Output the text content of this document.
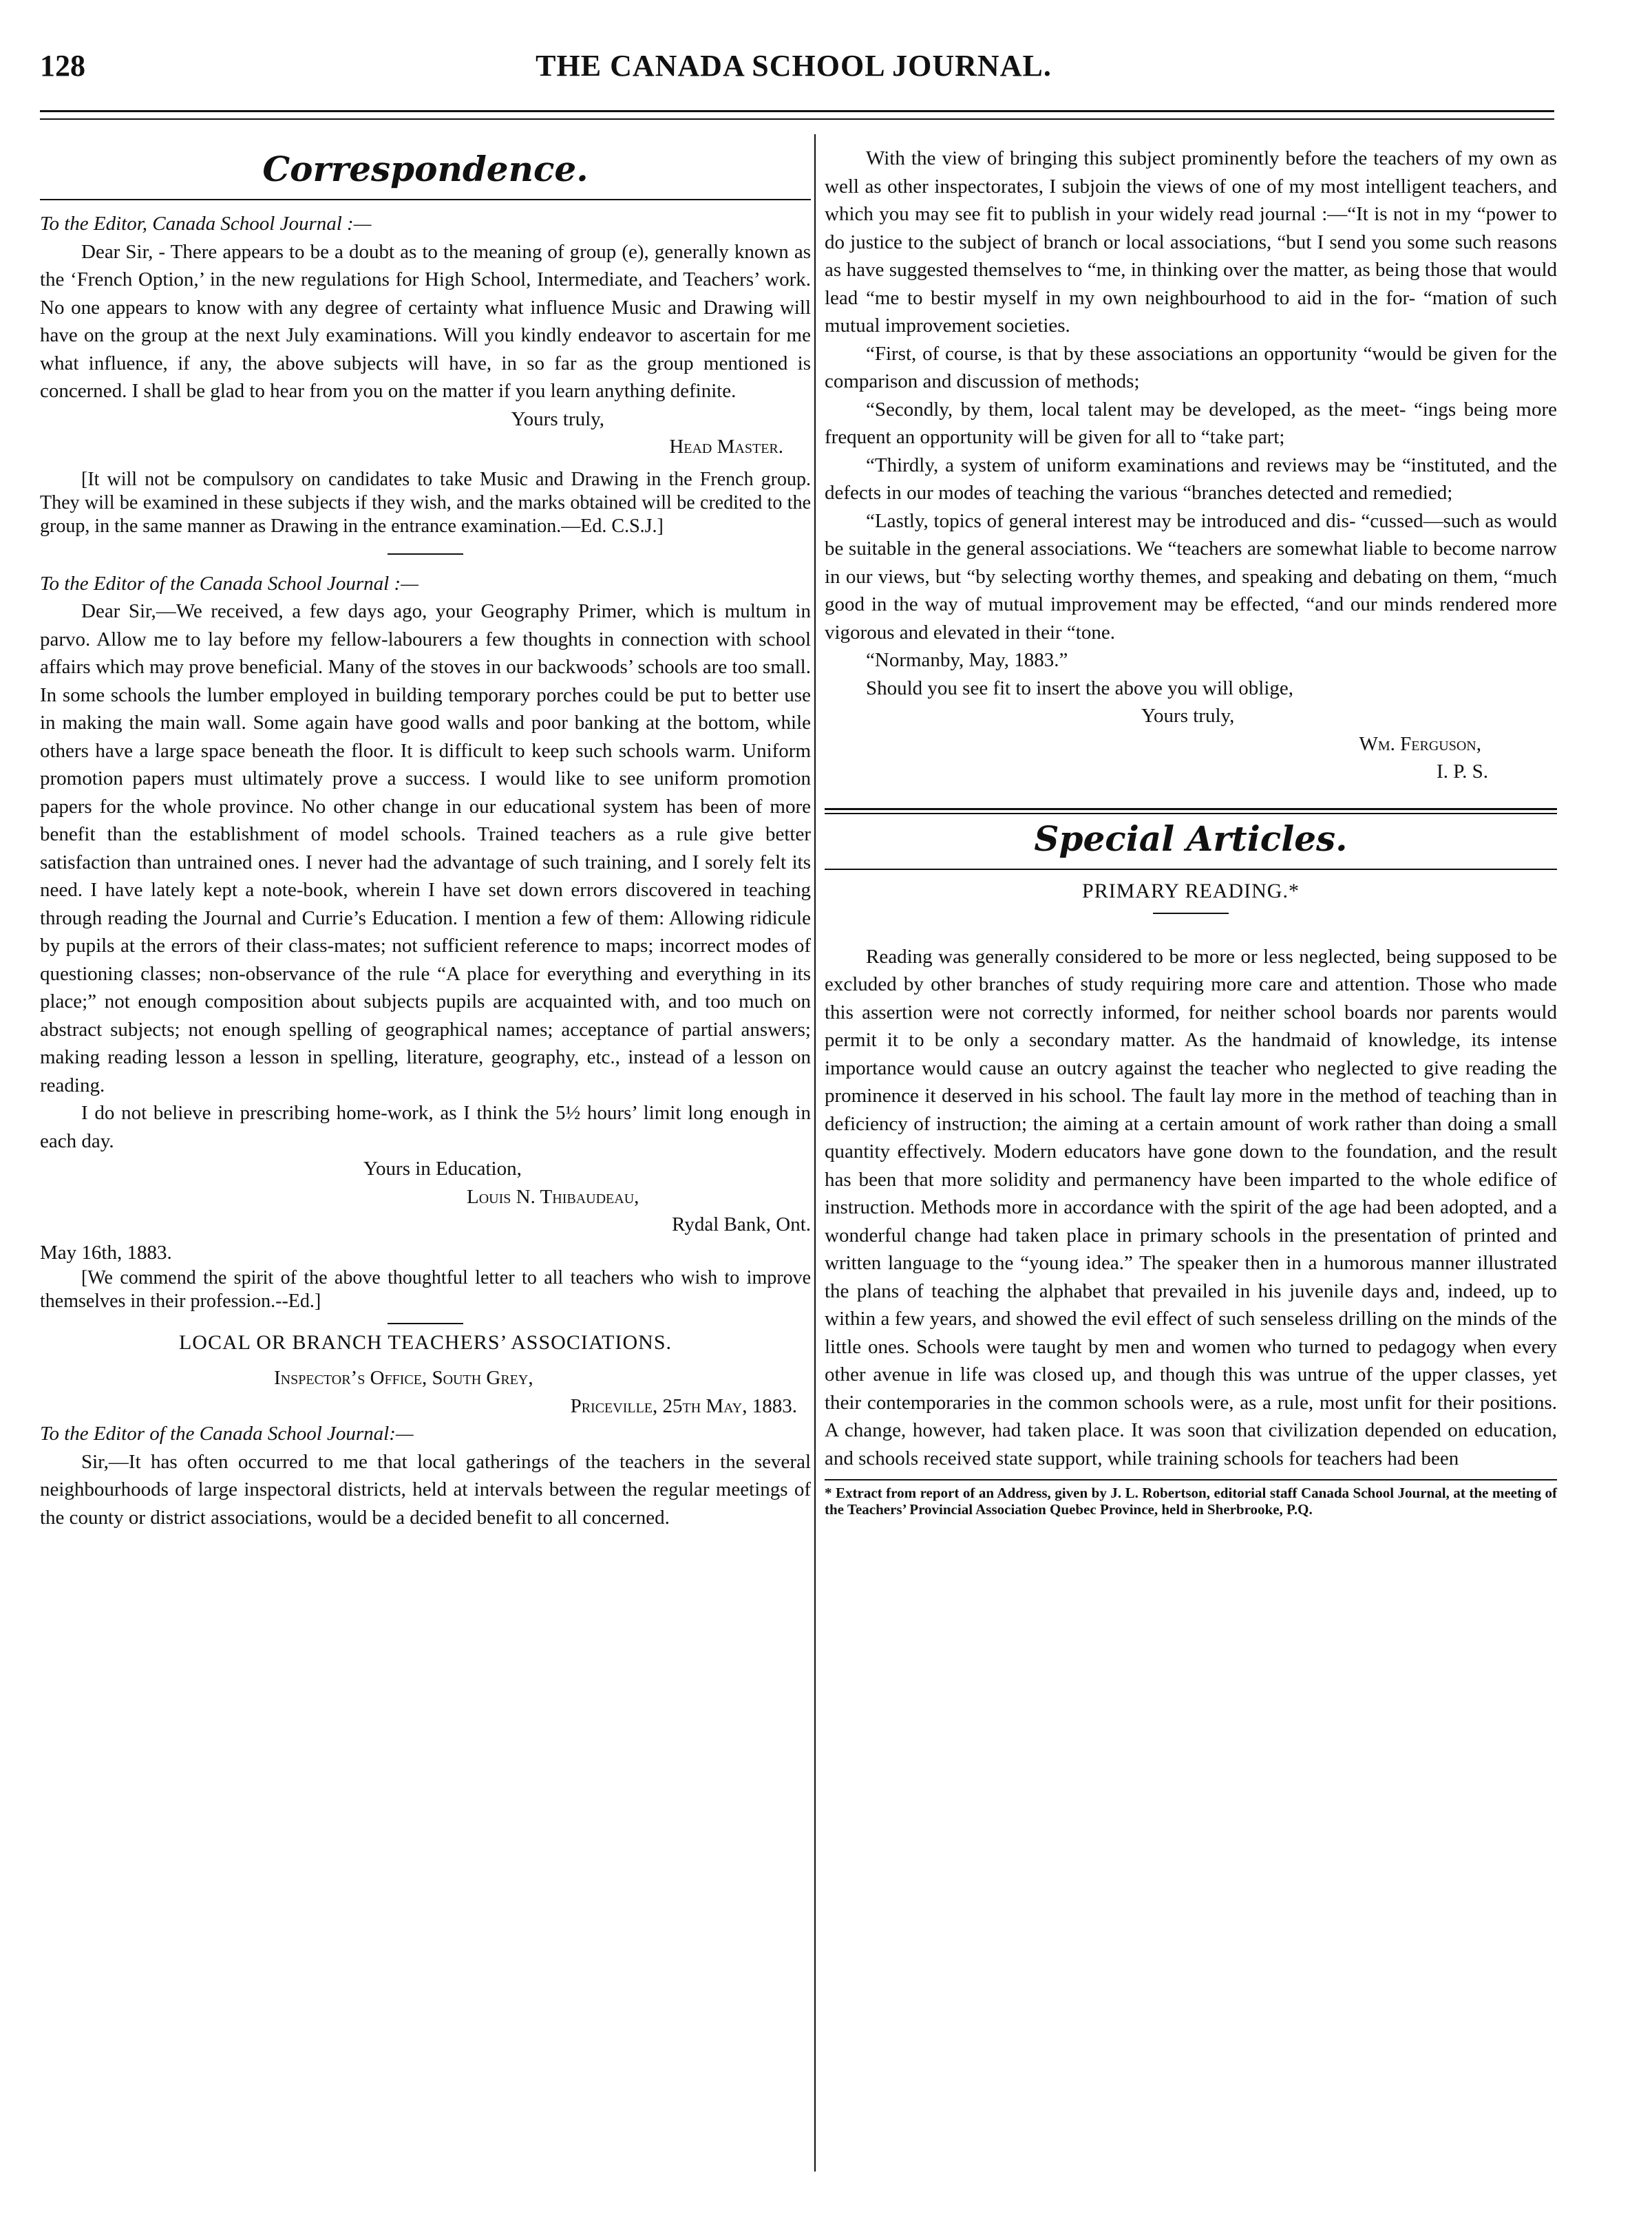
128	THE CANADA SCHOOL JOURNAL.
Correspondence.

To the Editor, Canada School Journal :—

Dear Sir, - There appears to be a doubt as to the meaning of group (e), generally known as the ‘French Option,’ in the new regulations for High School, Intermediate, and Teachers’ work. No one appears to know with any degree of certainty what influence Music and Drawing will have on the group at the next July examinations. Will you kindly endeavor to ascertain for me what influence, if any, the above subjects will have, in so far as the group mentioned is concerned. I shall be glad to hear from you on the matter if you learn anything definite.

Yours truly,

Head Master.

[It will not be compulsory on candidates to take Music and Drawing in the French group. They will be examined in these subjects if they wish, and the marks obtained will be credited to the group, in the same manner as Drawing in the entrance examination.—Ed. C.S.J.]

To the Editor of the Canada School Journal :—

Dear Sir,—We received, a few days ago, your Geography Primer, which is multum in parvo. Allow me to lay before my fellow-labourers a few thoughts in connection with school affairs which may prove beneficial. Many of the stoves in our backwoods’ schools are too small. In some schools the lumber employed in building temporary porches could be put to better use in making the main wall. Some again have good walls and poor banking at the bottom, while others have a large space beneath the floor. It is difficult to keep such schools warm. Uniform promotion papers must ultimately prove a success. I would like to see uniform promotion papers for the whole province. No other change in our educational system has been of more benefit than the establishment of model schools. Trained teachers as a rule give better satisfaction than untrained ones. I never had the advantage of such training, and I sorely felt its need. I have lately kept a note-book, wherein I have set down errors discovered in teaching through reading the Journal and Currie’s Education. I mention a few of them: Allowing ridicule by pupils at the errors of their class-mates; not sufficient reference to maps; incorrect modes of questioning classes; non-observance of the rule “A place for everything and everything in its place;” not enough composition about subjects pupils are acquainted with, and too much on abstract subjects; not enough spelling of geographical names; acceptance of partial answers; making reading lesson a lesson in spelling, literature, geography, etc., instead of a lesson on reading.

I do not believe in prescribing home-work, as I think the 5½ hours’ limit long enough in each day.

Yours in Education,

Louis N. Thibaudeau,

Rydal Bank, Ont.

May 16th, 1883.

[We commend the spirit of the above thoughtful letter to all teachers who wish to improve themselves in their profession.--Ed.]

LOCAL OR BRANCH TEACHERS’ ASSOCIATIONS.

Inspector’s Office, South Grey,

Priceville, 25th May, 1883.

To the Editor of the Canada School Journal:—

Sir,—It has often occurred to me that local gatherings of the teachers in the several neighbourhoods of large inspectoral districts, held at intervals between the regular meetings of the county or district associations, would be a decided benefit to all concerned.

With the view of bringing this subject prominently before the teachers of my own as well as other inspectorates, I subjoin the views of one of my most intelligent teachers, and which you may see fit to publish in your widely read journal :—“It is not in my “power to do justice to the subject of branch or local associations, “but I send you some such reasons as have suggested themselves to “me, in thinking over the matter, as being those that would lead “me to bestir myself in my own neighbourhood to aid in the for- “mation of such mutual improvement societies.

“First, of course, is that by these associations an opportunity “would be given for the comparison and discussion of methods;

“Secondly, by them, local talent may be developed, as the meet- “ings being more frequent an opportunity will be given for all to “take part;

“Thirdly, a system of uniform examinations and reviews may be “instituted, and the defects in our modes of teaching the various “branches detected and remedied;

“Lastly, topics of general interest may be introduced and dis- “cussed—such as would be suitable in the general associations. We “teachers are somewhat liable to become narrow in our views, but “by selecting worthy themes, and speaking and debating on them, “much good in the way of mutual improvement may be effected, “and our minds rendered more vigorous and elevated in their “tone.

“Normanby, May, 1883.”

Should you see fit to insert the above you will oblige,

Yours truly,

Wm. Ferguson,

I. P. S.

Special Articles.
PRIMARY READING.*

Reading was generally considered to be more or less neglected, being supposed to be excluded by other branches of study requiring more care and attention. Those who made this assertion were not correctly informed, for neither school boards nor parents would permit it to be only a secondary matter. As the handmaid of knowledge, its intense importance would cause an outcry against the teacher who neglected to give reading the prominence it deserved in his school. The fault lay more in the method of teaching than in deficiency of instruction; the aiming at a certain amount of work rather than doing a small quantity effectively. Modern educators have gone down to the foundation, and the result has been that more solidity and permanency have been imparted to the whole edifice of instruction. Methods more in accordance with the spirit of the age had been adopted, and a wonderful change had taken place in primary schools in the presentation of printed and written language to the “young idea.” The speaker then in a humorous manner illustrated the plans of teaching the alphabet that prevailed in his juvenile days and, indeed, up to within a few years, and showed the evil effect of such senseless drilling on the minds of the little ones. Schools were taught by men and women who turned to pedagogy when every other avenue in life was closed up, and though this was untrue of the upper classes, yet their contemporaries in the common schools were, as a rule, most unfit for their positions. A change, however, had taken place. It was soon that civilization depended on education, and schools received state support, while training schools for teachers had been

* Extract from report of an Address, given by J. L. Robertson, editorial staff Canada School Journal, at the meeting of the Teachers’ Provincial Association Quebec Province, held in Sherbrooke, P.Q.
